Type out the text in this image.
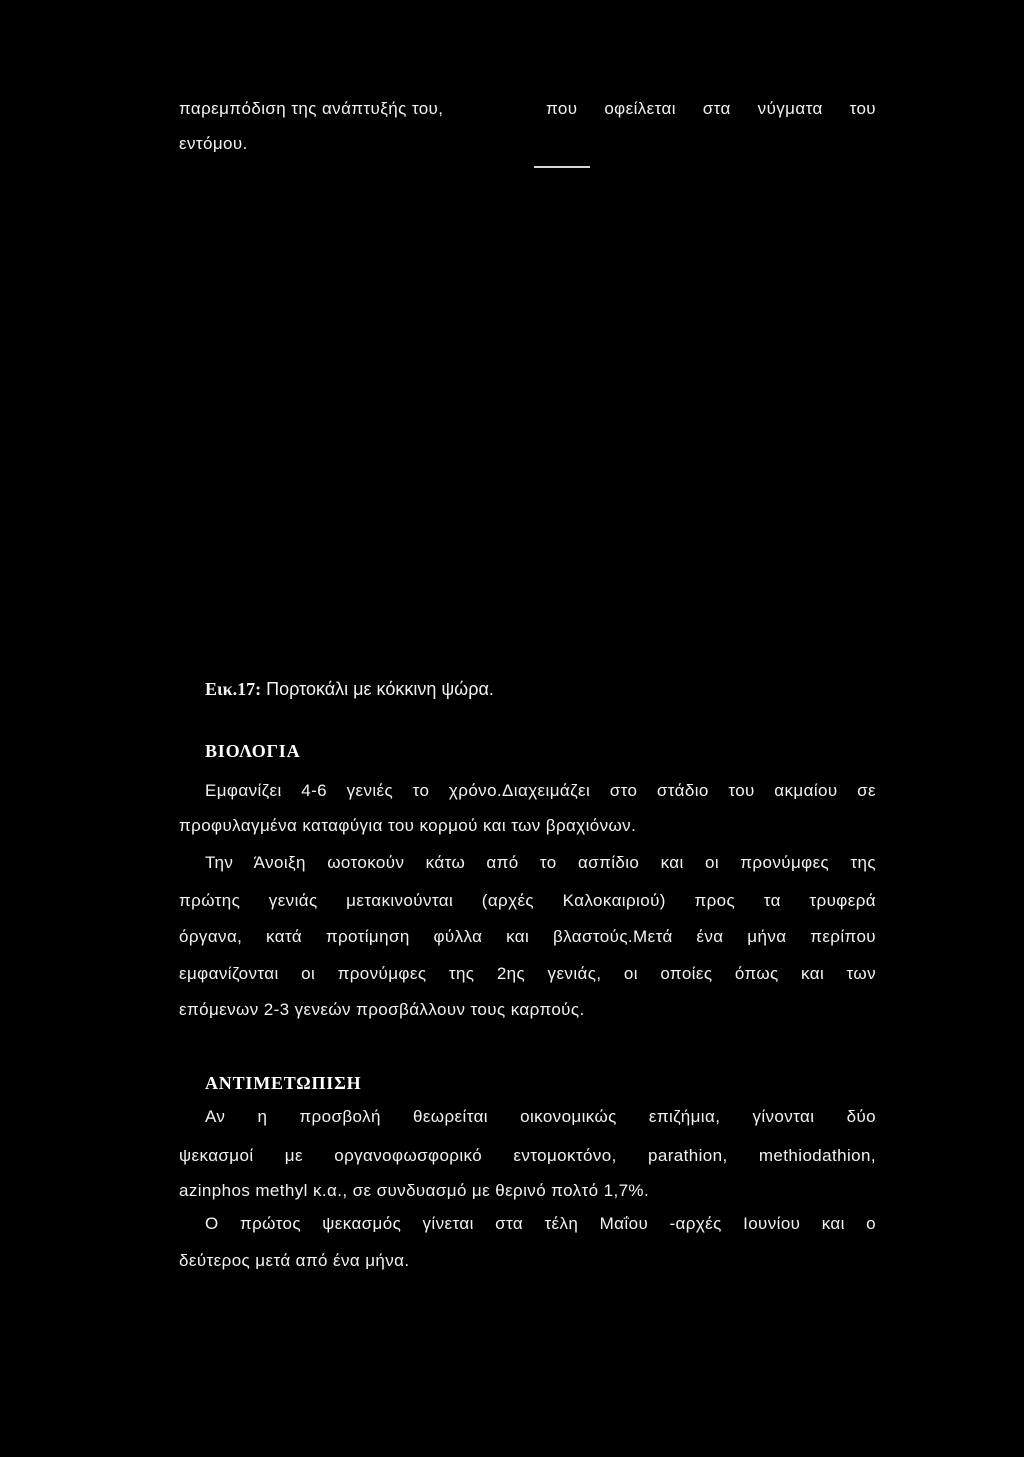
παρεμπόδιση της ανάπτυξής του,	που οφείλεται στα νύγματα του
εντόμου.
Εικ.17: Πορτοκάλι με κόκκινη ψώρα.
ΒΙΟΛΟΓΙΑ
Εμφανίζει 4-6 γενιές το χρόνο.Διαχειμάζει στο στάδιο του ακμαίου σε
προφυλαγμένα καταφύγια του κορμού και των βραχιόνων.
Την Άνοιξη ωοτοκούν κάτω από το ασπίδιο και οι προνύμφες της
πρώτης γενιάς μετακινούνται (αρχές Καλοκαιριού) προς τα τρυφερά
όργανα, κατά προτίμηση φύλλα και βλαστούς.Μετά ένα μήνα περίπου
εμφανίζονται οι προνύμφες της 2ης γενιάς, οι οποίες όπως και των
επόμενων 2-3 γενεών προσβάλλουν τους καρπούς.
ΑΝΤΙΜΕΤΩΠΙΣΗ
Αν η προσβολή θεωρείται οικονομικώς επιζήμια, γίνονται δύο
ψεκασμοί με οργανοφωσφορικό εντομοκτόνο, parathion, methiodathion,
azinphos methyl κ.α., σε συνδυασμό με θερινό πολτό 1,7%.
Ο πρώτος ψεκασμός γίνεται στα τέλη Μαΐου -αρχές Ιουνίου και ο
δεύτερος μετά από ένα μήνα.
